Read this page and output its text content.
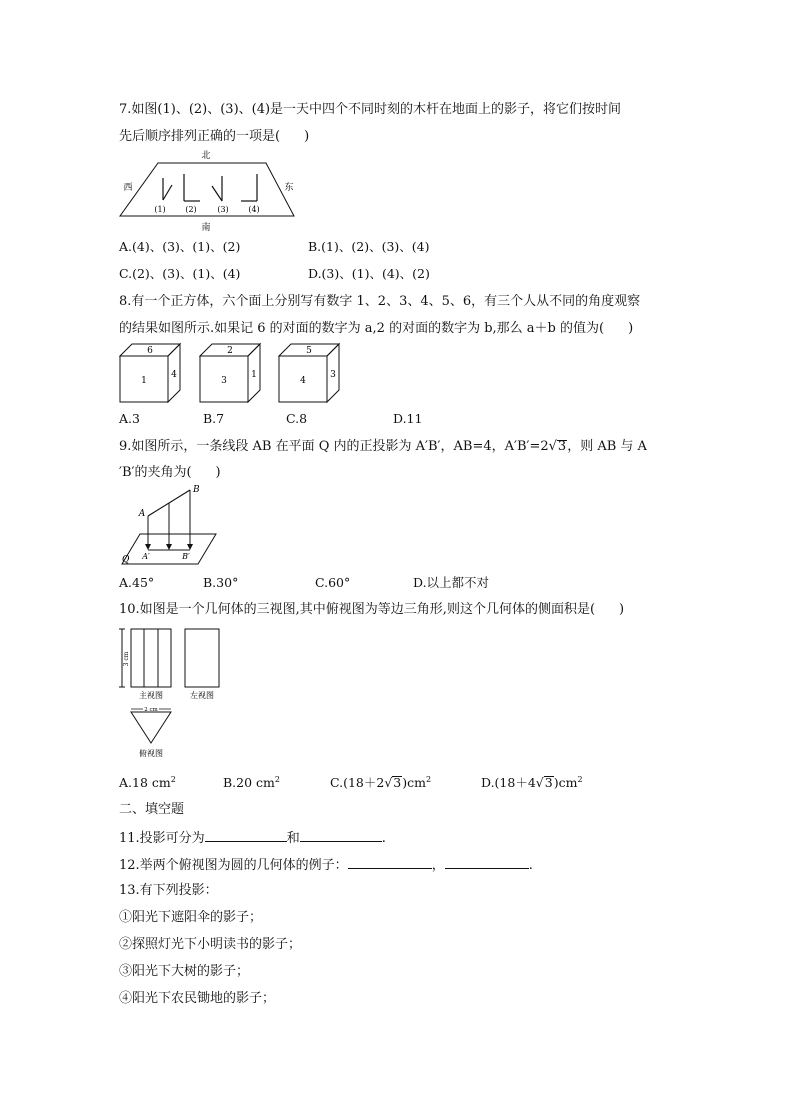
7.如图(1)、(2)、(3)、(4)是一天中四个不同时刻的木杆在地面上的影子，将它们按时间
先后顺序排列正确的一项是( )
北
南
西	东
(1) (2)	(3) (4)
A.(4)、(3)、(1)、(2)	B.(1)、(2)、(3)、(4)
C.(2)、(3)、(1)、(4)	D.(3)、(1)、(4)、(2)
8.有一个正方体，六个面上分别写有数字 1、2、3、4、5、6，有三个人从不同的角度观察
的结果如图所示.如果记 6 的对面的数字为 a,2 的对面的数字为 b,那么 a＋b 的值为( )
6
1
4
2
3
1
5
4
3
A.3	B.7	C.8	D.11
9.如图所示，一条线段 AB 在平面 Q 内的正投影为 A′B′，AB=4，A′B′=2√3，则 AB 与 A
′B′的夹角为( )
A
B
A′	B′
Q
A.45°	B.30°	C.60°	D.以上都不对
10.如图是一个几何体的三视图,其中俯视图为等边三角形,则这个几何体的侧面积是( )
3 cm
主视图	左视图
2 cm
俯视图
A.18 $cm^2$	B.20 $cm^2$	$C.(18+2√3)cm^2$	$D.(18+4√3)cm^2$
二、填空题
11.投影可分为	和	.
12.举两个俯视图为圆的几何体的例子：	，	.
13.有下列投影：
①阳光下遮阳伞的影子；
②探照灯光下小明读书的影子；
③阳光下大树的影子；
④阳光下农民锄地的影子；
